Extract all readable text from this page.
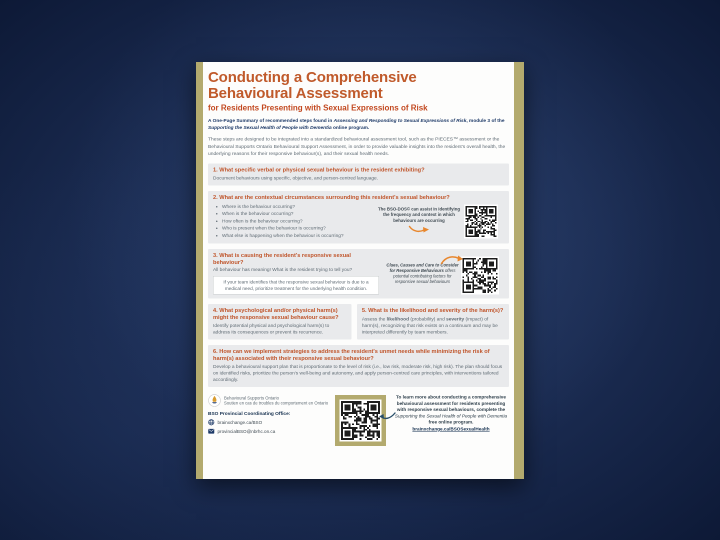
Conducting a Comprehensive
Behavioural Assessment
for Residents Presenting with Sexual Expressions of Risk
A One-Page Summary of recommended steps found in Assessing and Responding to Sexual Expressions of Risk, module 3 of the Supporting the Sexual Health of People with Dementia online program.
These steps are designed to be integrated into a standardized behavioural assessment tool, such as the PIECES™ assessment or the Behavioural Supports Ontario Behavioural Support Assessment, in order to provide valuable insights into the resident's overall health, the underlying reasons for their responsive behaviour(s), and their sexual health needs.
1. What specific verbal or physical sexual behaviour is the resident exhibiting?
Document behaviours using specific, objective, and person-centred language.
2. What are the contextual circumstances surrounding this resident's sexual behaviour?
• Where is the behaviour occurring?
• When is the behaviour occurring?
• How often is the behaviour occurring?
• Who is present when the behaviour is occurring?
• What else is happening when the behaviour is occurring?
The BSO-DOS© can assist in identifying the frequency and context in which behaviours are occurring
3. What is causing the resident's responsive sexual behaviour?
All behaviour has meaning! What is the resident trying to tell you?
If your team identifies that the responsive sexual behaviour is due to a medical need, prioritize treatment for the underlying health condition.
Clues, Causes and Care to Consider for Responsive Behaviours offers potential contributing factors for responsive sexual behaviours
4. What psychological and/or physical harm(s) might the responsive sexual behaviour cause?
Identify potential physical and psychological harm(s) to address its consequences or prevent its recurrence.
5. What is the likelihood and severity of the harm(s)?
Assess the likelihood (probability) and severity (impact) of harm(s), recognizing that risk exists on a continuum and may be interpreted differently by team members.
6. How can we implement strategies to address the resident's unmet needs while minimizing the risk of harm(s) associated with their responsive sexual behaviour?
Develop a behavioural support plan that is proportionate to the level of risk (i.e., low risk, moderate risk, high risk). The plan should focus on identified risks, prioritize the person's well-being and autonomy, and apply person-centred care principles, with interventions tailored accordingly.
Behavioural Supports Ontario
Soutien en cas de troubles du comportement en Ontario
BSO Provincial Coordinating Office:
brainxchange.ca/BSO
provincialBSO@nbrhc.on.ca
To learn more about conducting a comprehensive behavioural assessment for residents presenting with responsive sexual behaviours, complete the Supporting the Sexual Health of People with Dementia free online program.
brainxchange.ca/BSOSexualHealth
